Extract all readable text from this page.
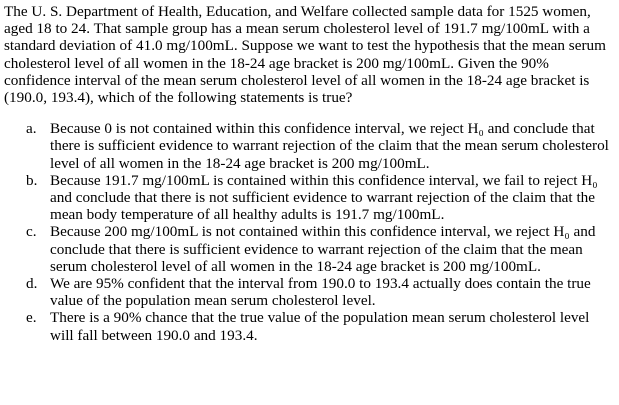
The U. S. Department of Health, Education, and Welfare collected sample data for 1525 women, aged 18 to 24. That sample group has a mean serum cholesterol level of 191.7 mg/100mL with a standard deviation of 41.0 mg/100mL. Suppose we want to test the hypothesis that the mean serum cholesterol level of all women in the 18-24 age bracket is 200 mg/100mL. Given the 90% confidence interval of the mean serum cholesterol level of all women in the 18-24 age bracket is (190.0, 193.4), which of the following statements is true?

a. Because 0 is not contained within this confidence interval, we reject H₀ and conclude that there is sufficient evidence to warrant rejection of the claim that the mean serum cholesterol level of all women in the 18-24 age bracket is 200 mg/100mL.
b. Because 191.7 mg/100mL is contained within this confidence interval, we fail to reject H₀ and conclude that there is not sufficient evidence to warrant rejection of the claim that the mean body temperature of all healthy adults is 191.7 mg/100mL.
c. Because 200 mg/100mL is not contained within this confidence interval, we reject H₀ and conclude that there is sufficient evidence to warrant rejection of the claim that the mean serum cholesterol level of all women in the 18-24 age bracket is 200 mg/100mL.
d. We are 95% confident that the interval from 190.0 to 193.4 actually does contain the true value of the population mean serum cholesterol level.
e. There is a 90% chance that the true value of the population mean serum cholesterol level will fall between 190.0 and 193.4.
